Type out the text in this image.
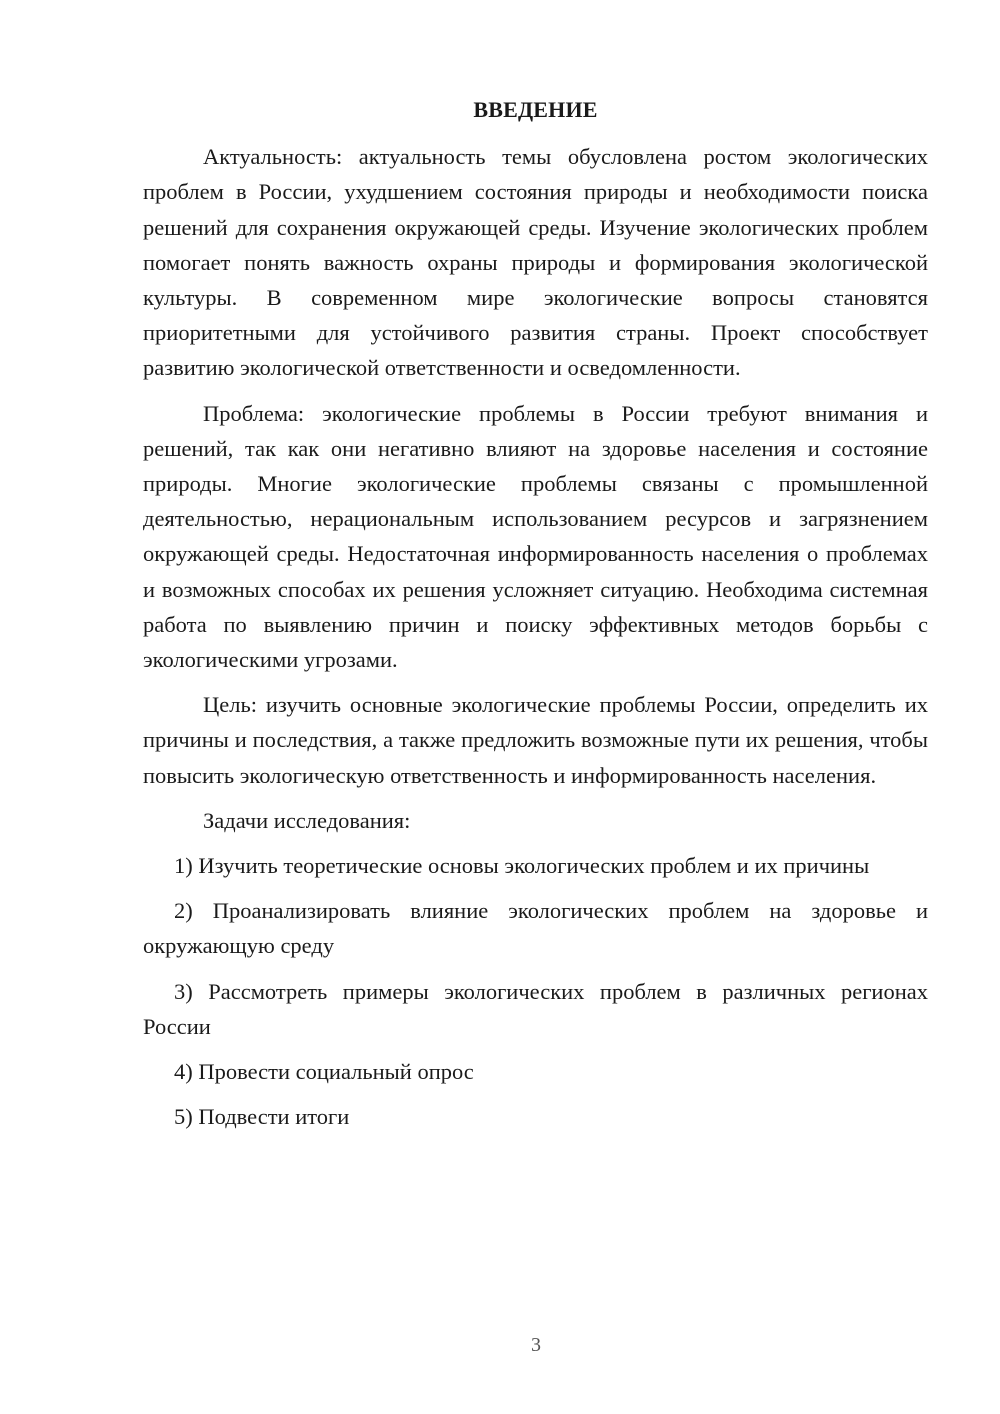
ВВЕДЕНИЕ

Актуальность: актуальность темы обусловлена ростом экологических проблем в России, ухудшением состояния природы и необходимости поиска решений для сохранения окружающей среды. Изучение экологических проблем помогает понять важность охраны природы и формирования экологической культуры. В современном мире экологические вопросы становятся приоритетными для устойчивого развития страны. Проект способствует развитию экологической ответственности и осведомленности.

Проблема: экологические проблемы в России требуют внимания и решений, так как они негативно влияют на здоровье населения и состояние природы. Многие экологические проблемы связаны с промышленной деятельностью, нерациональным использованием ресурсов и загрязнением окружающей среды. Недостаточная информированность населения о проблемах и возможных способах их решения усложняет ситуацию. Необходима системная работа по выявлению причин и поиску эффективных методов борьбы с экологическими угрозами.

Цель: изучить основные экологические проблемы России, определить их причины и последствия, а также предложить возможные пути их решения, чтобы повысить экологическую ответственность и информированность населения.

Задачи исследования:

1) Изучить теоретические основы экологических проблем и их причины

2) Проанализировать влияние экологических проблем на здоровье и окружающую среду

3) Рассмотреть примеры экологических проблем в различных регионах России

4) Провести социальный опрос

5) Подвести итоги

3
